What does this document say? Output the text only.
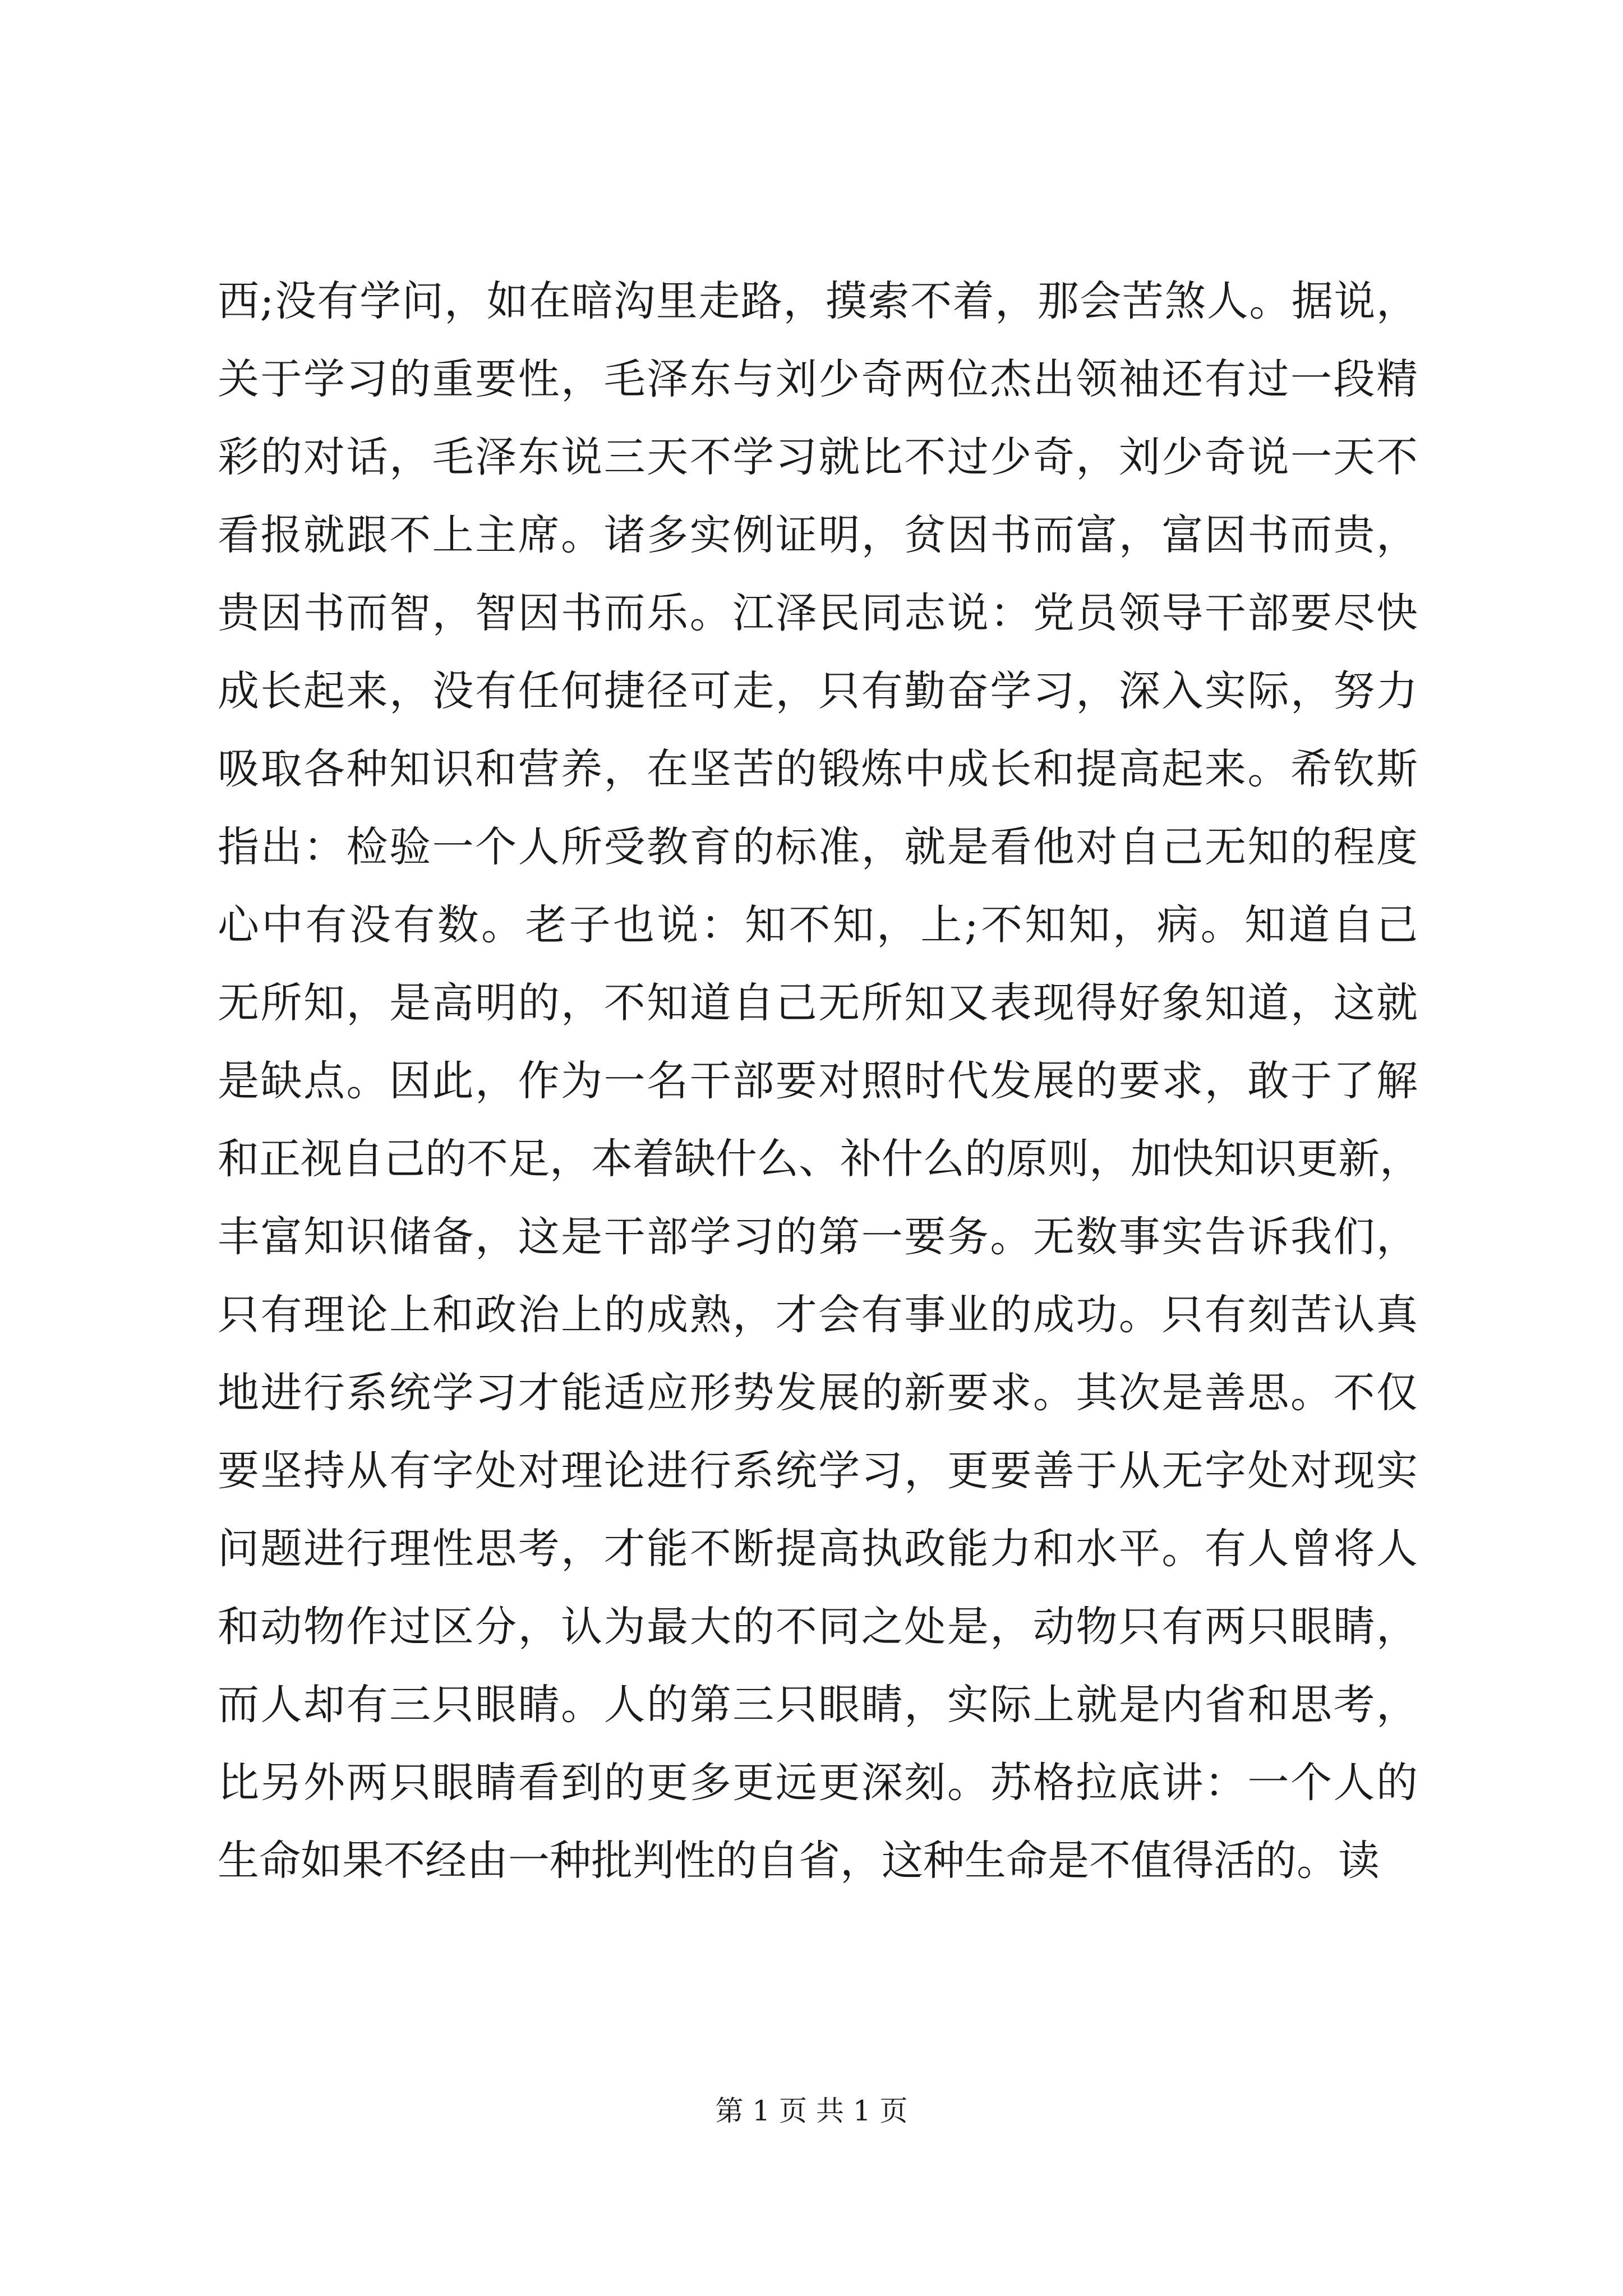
西;没有学问，如在暗沟里走路，摸索不着，那会苦煞人。据说，
关于学习的重要性，毛泽东与刘少奇两位杰出领袖还有过一段精
彩的对话，毛泽东说三天不学习就比不过少奇，刘少奇说一天不
看报就跟不上主席。诸多实例证明，贫因书而富，富因书而贵，
贵因书而智，智因书而乐。江泽民同志说：党员领导干部要尽快
成长起来，没有任何捷径可走，只有勤奋学习，深入实际，努力
吸取各种知识和营养，在坚苦的锻炼中成长和提高起来。希钦斯
指出：检验一个人所受教育的标准，就是看他对自己无知的程度
心中有没有数。老子也说：知不知，上;不知知，病。知道自己
无所知，是高明的，不知道自己无所知又表现得好象知道，这就
是缺点。因此，作为一名干部要对照时代发展的要求，敢于了解
和正视自己的不足，本着缺什么、补什么的原则，加快知识更新，
丰富知识储备，这是干部学习的第一要务。无数事实告诉我们，
只有理论上和政治上的成熟，才会有事业的成功。只有刻苦认真
地进行系统学习才能适应形势发展的新要求。其次是善思。不仅
要坚持从有字处对理论进行系统学习，更要善于从无字处对现实
问题进行理性思考，才能不断提高执政能力和水平。有人曾将人
和动物作过区分，认为最大的不同之处是，动物只有两只眼睛，
而人却有三只眼睛。人的第三只眼睛，实际上就是内省和思考，
比另外两只眼睛看到的更多更远更深刻。苏格拉底讲：一个人的
生命如果不经由一种批判性的自省，这种生命是不值得活的。读
第 1 页 共 1 页
